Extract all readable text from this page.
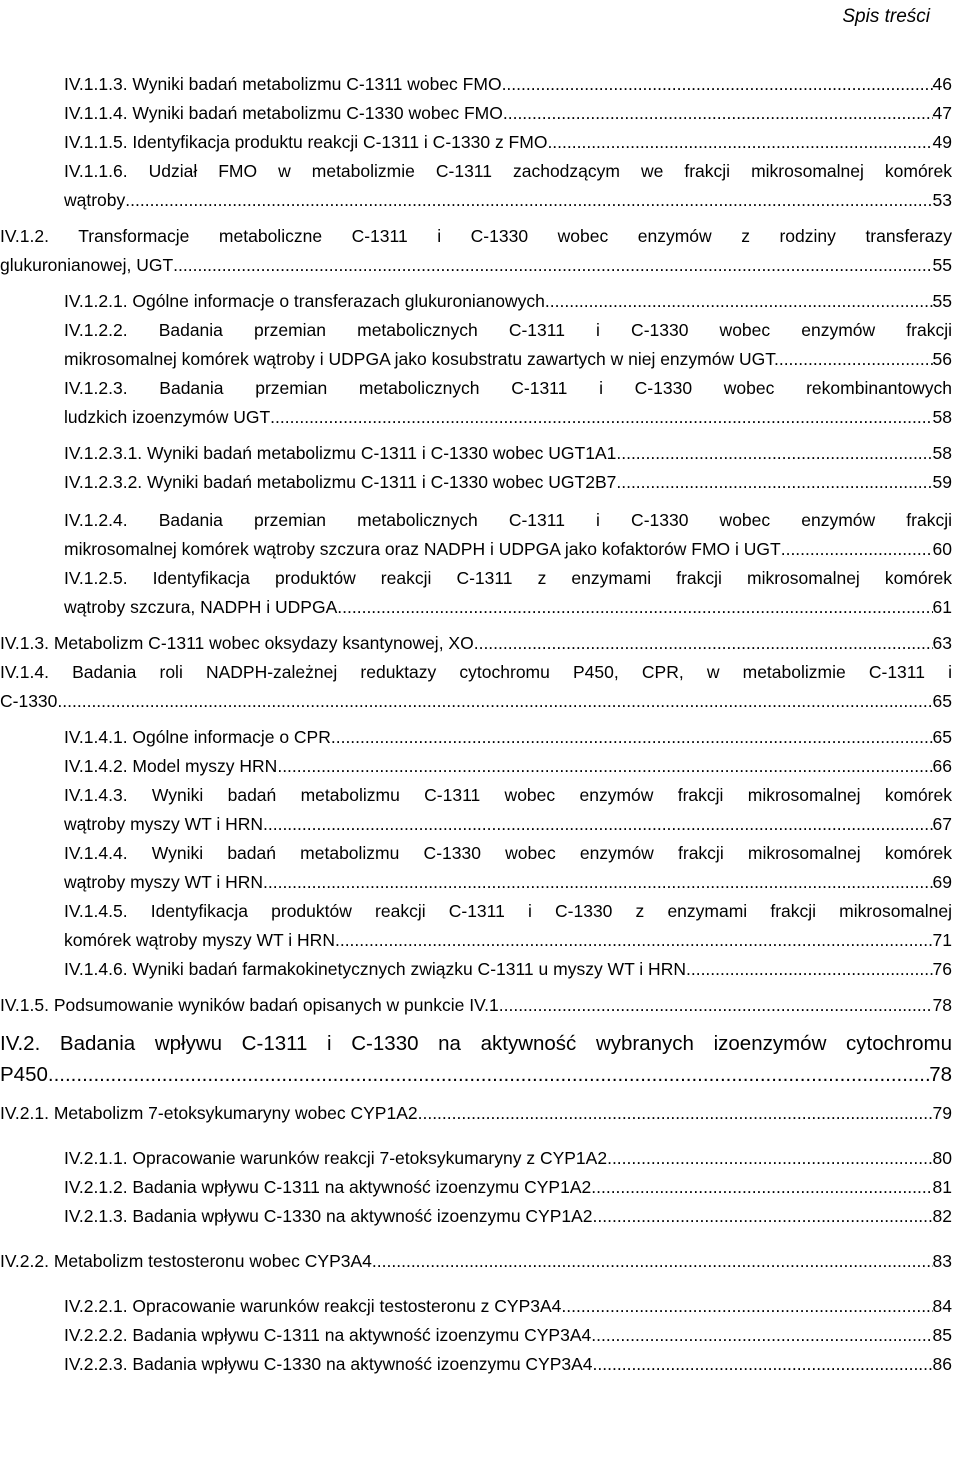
Spis treści
IV.1.1.3. Wyniki badań metabolizmu C-1311 wobec FMO .....	46
IV.1.1.4. Wyniki badań metabolizmu C-1330 wobec FMO .....	47
IV.1.1.5. Identyfikacja produktu reakcji C-1311 i C-1330 z FMO .....	49
IV.1.1.6. Udział FMO w metabolizmie C-1311 zachodzącym we frakcji mikrosomalnej komórek
wątroby .....	53
IV.1.2. Transformacje metaboliczne C-1311 i C-1330 wobec enzymów z rodziny transferazy
glukuronianowej, UGT .....	55
IV.1.2.1. Ogólne informacje o transferazach glukuronianowych .....	55
IV.1.2.2. Badania przemian metabolicznych C-1311 i C-1330 wobec enzymów frakcji
mikrosomalnej komórek wątroby i UDPGA jako kosubstratu zawartych w niej enzymów UGT. .....	56
IV.1.2.3. Badania przemian metabolicznych C-1311 i C-1330 wobec rekombinantowych
ludzkich izoenzymów UGT .....	58
IV.1.2.3.1. Wyniki badań metabolizmu C-1311 i C-1330 wobec UGT1A1 .....	58
IV.1.2.3.2. Wyniki badań metabolizmu C-1311 i C-1330 wobec UGT2B7 .....	59
IV.1.2.4. Badania przemian metabolicznych C-1311 i C-1330 wobec enzymów frakcji
mikrosomalnej komórek wątroby szczura oraz NADPH i UDPGA jako kofaktorów FMO i UGT .....	60
IV.1.2.5. Identyfikacja produktów reakcji C-1311 z enzymami frakcji mikrosomalnej komórek
wątroby szczura, NADPH i UDPGA .....	61
IV.1.3. Metabolizm C-1311 wobec oksydazy ksantynowej, XO .....	63
IV.1.4. Badania roli NADPH-zależnej reduktazy cytochromu P450, CPR, w metabolizmie C-1311 i
C-1330 .....	65
IV.1.4.1. Ogólne informacje o CPR .....	65
IV.1.4.2. Model myszy HRN .....	66
IV.1.4.3. Wyniki badań metabolizmu C-1311 wobec enzymów frakcji mikrosomalnej komórek
wątroby myszy WT i HRN .....	67
IV.1.4.4. Wyniki badań metabolizmu C-1330 wobec enzymów frakcji mikrosomalnej komórek
wątroby myszy WT i HRN .....	69
IV.1.4.5. Identyfikacja produktów reakcji C-1311 i C-1330 z enzymami frakcji mikrosomalnej
komórek wątroby myszy WT i HRN .....	71
IV.1.4.6. Wyniki badań farmakokinetycznych związku C-1311 u myszy WT i HRN. .....	76
IV.1.5. Podsumowanie wyników badań opisanych w punkcie IV.1 .....	78
IV.2. Badania wpływu C-1311 i C-1330 na aktywność wybranych izoenzymów cytochromu
P450 .....	78
IV.2.1. Metabolizm 7-etoksykumaryny wobec CYP1A2 .....	79
IV.2.1.1. Opracowanie warunków reakcji 7-etoksykumaryny z CYP1A2 .....	80
IV.2.1.2. Badania wpływu C-1311 na aktywność izoenzymu CYP1A2 .....	81
IV.2.1.3. Badania wpływu C-1330 na aktywność izoenzymu CYP1A2 .....	82
IV.2.2. Metabolizm testosteronu wobec CYP3A4 .....	83
IV.2.2.1. Opracowanie warunków reakcji testosteronu z CYP3A4 .....	84
IV.2.2.2. Badania wpływu C-1311 na aktywność izoenzymu CYP3A4 .....	85
IV.2.2.3. Badania wpływu C-1330 na aktywność izoenzymu CYP3A4 .....	86
